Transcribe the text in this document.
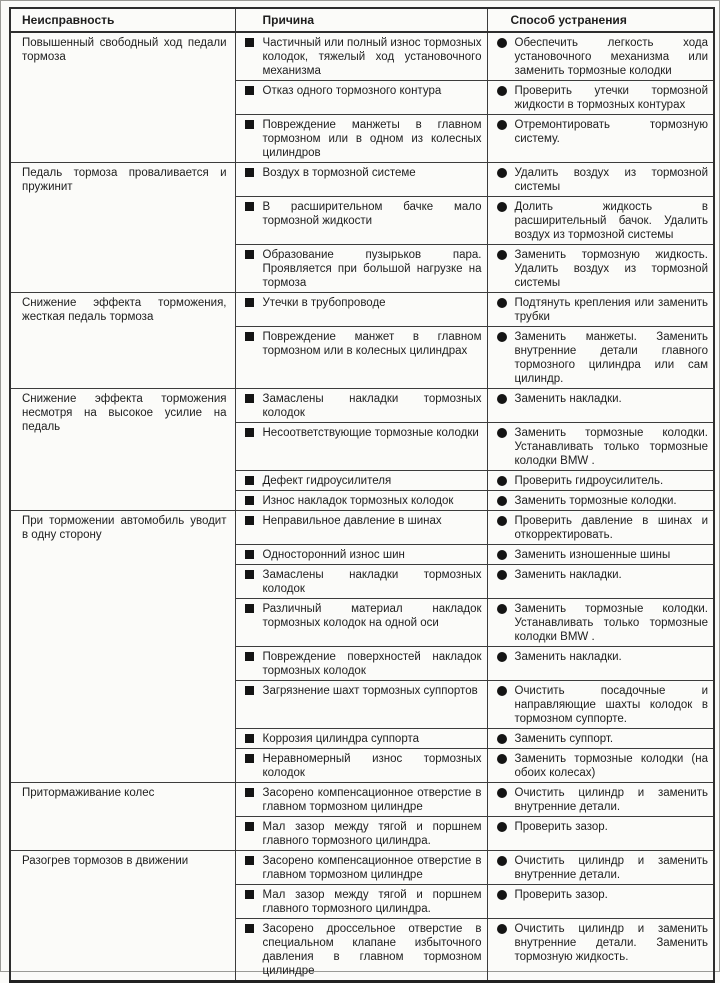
Неисправность	Причина	Способ устранения

Повышенный свободный ход педали тормоза	Частичный или полный износ тормозных колодок, тяжелый ход установочного механизма	Обеспечить легкость хода установочного механизма или заменить тормозные колодки

	Отказ одного тормозного контура	Проверить утечки тормозной жидкости в тормозных контурах

	Повреждение манжеты в главном тормозном или в одном из колесных цилиндров	Отремонтировать тормозную систему.

Педаль тормоза проваливается и пружинит	Воздух в тормозной системе	Удалить воздух из тормозной системы

	В расширительном бачке мало тормозной жидкости	Долить жидкость в расширительный бачок. Удалить воздух из тормозной системы

	Образование пузырьков пара. Проявляется при большой нагрузке на тормоза	Заменить тормозную жидкость. Удалить воздух из тормозной системы

Снижение эффекта торможения, жесткая педаль тормоза	Утечки в трубопроводе	Подтянуть крепления или заменить трубки

	Повреждение манжет в главном тормозном или в колесных цилиндрах	Заменить манжеты. Заменить внутренние детали главного тормозного цилиндра или сам цилиндр.

Снижение эффекта торможения несмотря на высокое усилие на педаль	Замаслены накладки тормозных колодок	Заменить накладки.

	Несоответствующие тормозные колодки	Заменить тормозные колодки. Устанавливать только тормозные колодки BMW .

	Дефект гидроусилителя	Проверить гидроусилитель.

	Износ накладок тормозных колодок	Заменить тормозные колодки.

При торможении автомобиль уводит в одну сторону	Неправильное давление в шинах	Проверить давление в шинах и откорректировать.

	Односторонний износ шин	Заменить изношенные шины

	Замаслены накладки тормозных колодок	Заменить накладки.

	Различный материал накладок тормозных колодок на одной оси	Заменить тормозные колодки. Устанавливать только тормозные колодки BMW .

	Повреждение поверхностей накладок тормозных колодок	Заменить накладки.

	Загрязнение шахт тормозных суппортов	Очистить посадочные и направляющие шахты колодок в тормозном суппорте.

	Коррозия цилиндра суппорта	Заменить суппорт.

	Неравномерный износ тормозных колодок	Заменить тормозные колодки (на обоих колесах)

Притормаживание колес	Засорено компенсационное отверстие в главном тормозном цилиндре	Очистить цилиндр и заменить внутренние детали.

	Мал зазор между тягой и поршнем главного тормозного цилиндра.	Проверить зазор.

Разогрев тормозов в движении	Засорено компенсационное отверстие в главном тормозном цилиндре	Очистить цилиндр и заменить внутренние детали.

	Мал зазор между тягой и поршнем главного тормозного цилиндра.	Проверить зазор.

	Засорено дроссельное отверстие в специальном клапане избыточного давления в главном тормозном цилиндре	Очистить цилиндр и заменить внутренние детали. Заменить тормозную жидкость.
